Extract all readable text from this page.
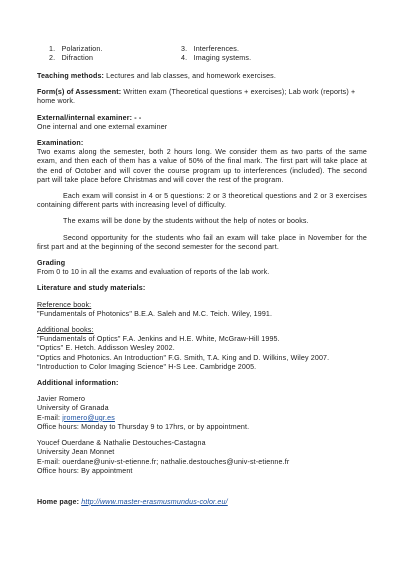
1. Polarization.	3. Interferences.
2. Difraction	4. Imaging systems.

Teaching methods: Lectures and lab classes, and homework exercises.

Form(s) of Assessment: Written exam (Theoretical questions + exercises); Lab work (reports) + home work.

External/internal examiner: - -

One internal and one external examiner

Examination:

Two exams along the semester, both 2 hours long. We consider them as two parts of the same exam, and then each of them has a value of 50% of the final mark. The first part will take place at the end of October and will cover the course program up to interferences (included). The second part will take place before Christmas and will cover the rest of the program.

Each exam will consist in 4 or 5 questions: 2 or 3 theoretical questions and 2 or 3 exercises containing different parts with increasing level of difficulty.

The exams will be done by the students without the help of notes or books.

Second opportunity for the students who fail an exam will take place in November for the first part and at the beginning of the second semester for the second part.

Grading

From 0 to 10 in all the exams and evaluation of reports of the lab work.

Literature and study materials:

Reference book:

"Fundamentals of Photonics" B.E.A. Saleh and M.C. Teich. Wiley, 1991.

Additional books:

"Fundamentals of Optics" F.A. Jenkins and H.E. White, McGraw-Hill 1995.

"Optics" E. Hetch. Addisson Wesley 2002.

"Optics and Photonics. An Introduction" F.G. Smith, T.A. King and D. Wilkins, Wiley 2007.

"Introduction to Color Imaging Science" H-S Lee. Cambridge 2005.

Additional information:

Javier Romero

University of Granada

E-mail: jromero@ugr.es

Office hours: Monday to Thursday 9 to 17hrs, or by appointment.

Youcef Ouerdane & Nathalie Destouches-Castagna

University Jean Monnet

E-mail: ouerdane@univ-st-etienne.fr; nathalie.destouches@univ-st-etienne.fr

Office hours: By appointment

Home page: http://www.master-erasmusmundus-color.eu/
